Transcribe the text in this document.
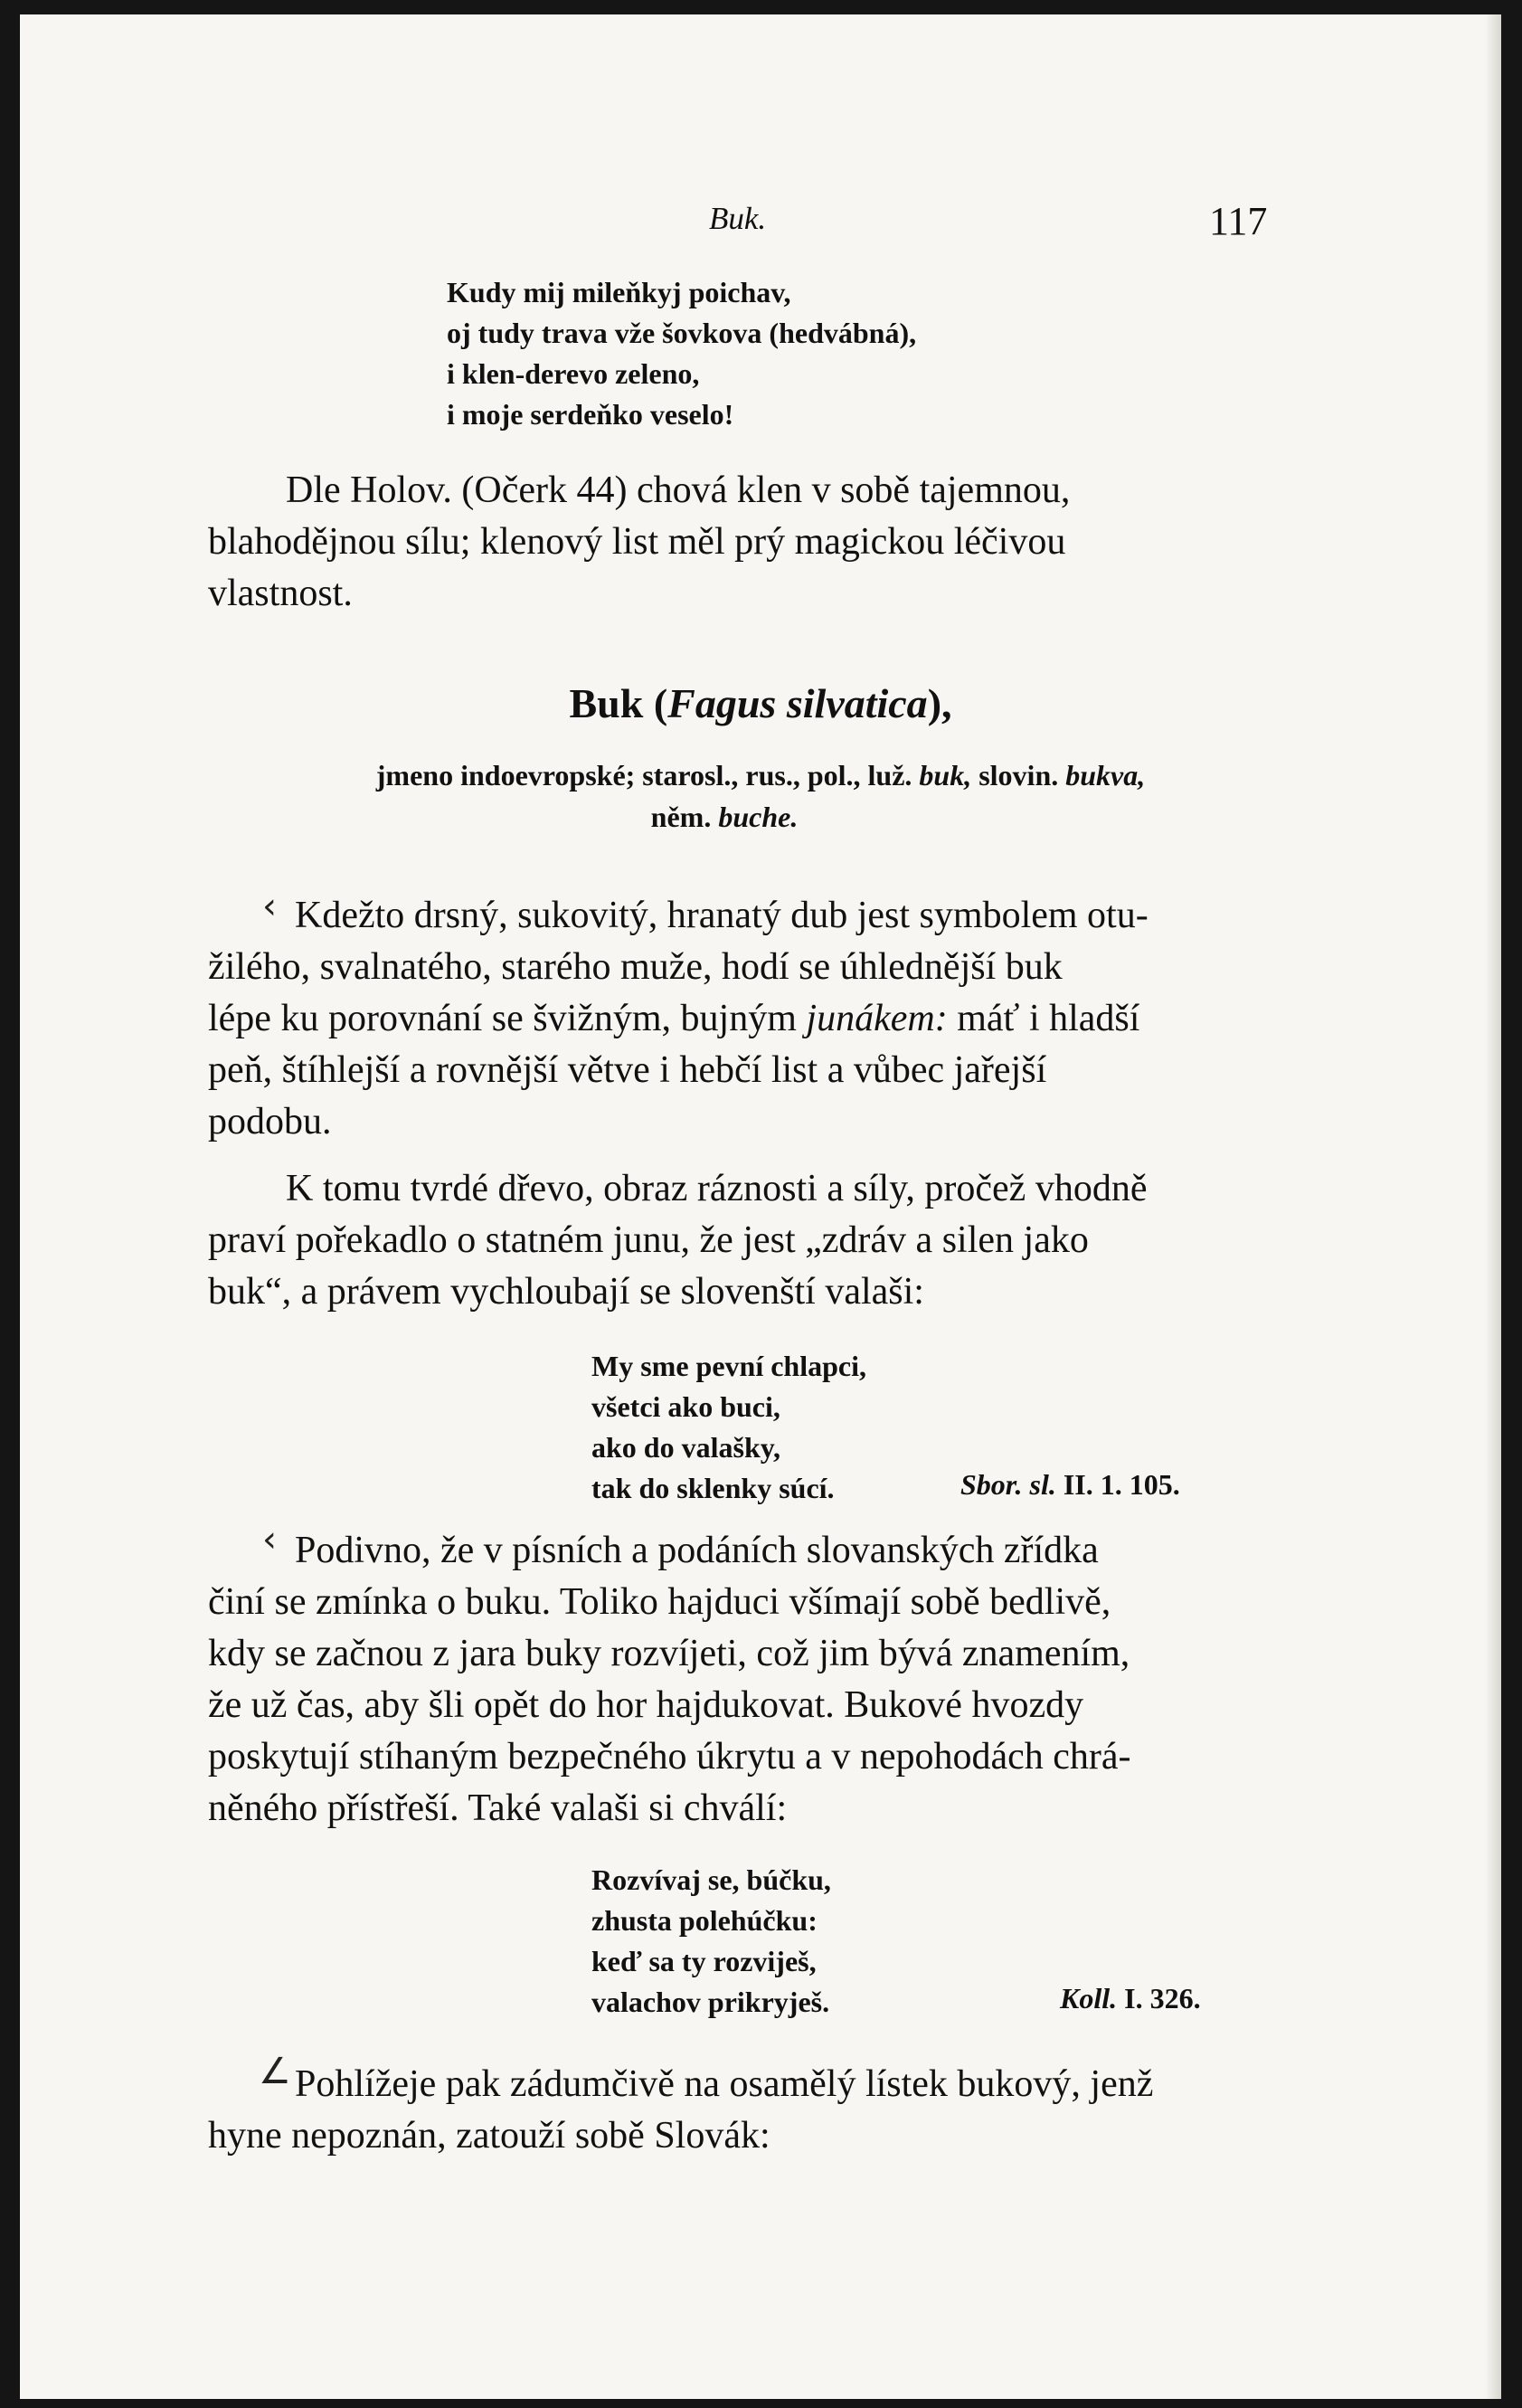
Buk.	117
Kudy mij mileňkyj poichav,
oj tudy trava vže šovkova (hedvábná),
i klen-derevo zeleno,
i moje serdeňko veselo!
Dle Holov. (Očerk 44) chová klen v sobě tajemnou,
blahodějnou sílu; klenový list měl prý magickou léčivou
vlastnost.
Buk (Fagus silvatica),
jmeno indoevropské; starosl., rus., pol., luž. buk, slovin. bukva,
něm. buche.
‹ Kdežto drsný, sukovitý, hranatý dub jest symbolem otu-
žilého, svalnatého, starého muže, hodí se úhlednější buk
lépe ku porovnání se švižným, bujným junákem: máť i hladší
peň, štíhlejší a rovnější větve i hebčí list a vůbec jařejší
podobu.
K tomu tvrdé dřevo, obraz ráznosti a síly, pročež vhodně
praví pořekadlo o statném junu, že jest „zdráv a silen jako
buk“, a právem vychloubají se slovenští valaši:
My sme pevní chlapci,
všetci ako buci,
ako do valašky,
tak do sklenky súcí.	Sbor. sl. II. 1. 105.
‹ Podivno, že v písních a podáních slovanských zřídka
činí se zmínka o buku. Toliko hajduci všímají sobě bedlivě,
kdy se začnou z jara buky rozvíjeti, což jim bývá znamením,
že už čas, aby šli opět do hor hajdukovat. Bukové hvozdy
poskytují stíhaným bezpečného úkrytu a v nepohodách chrá-
něného přístřeší. Také valaši si chválí:
Rozvívaj se, búčku,
zhusta polehúčku:
keď sa ty rozviješ,
valachov prikryješ.	Koll. I. 326.
∠ Pohlížeje pak zádumčivě na osamělý lístek bukový, jenž
hyne nepoznán, zatouží sobě Slovák:
